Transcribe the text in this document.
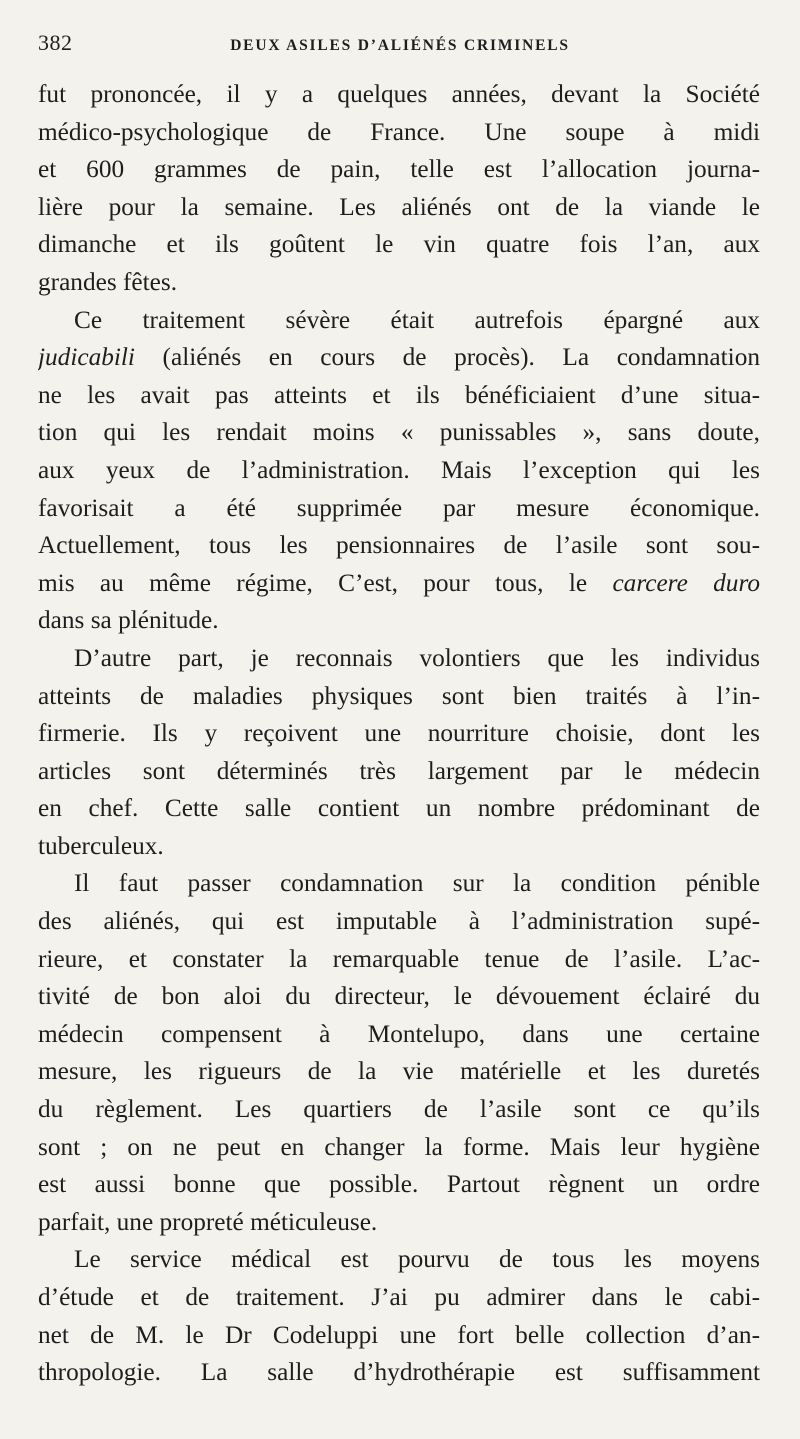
382	DEUX ASILES D’ALIÉNÉS CRIMINELS
fut prononcée, il y a quelques années, devant la Société
médico-psychologique de France. Une soupe à midi
et 600 grammes de pain, telle est l’allocation journa-
lière pour la semaine. Les aliénés ont de la viande le
dimanche et ils goûtent le vin quatre fois l’an, aux
grandes fêtes.
Ce traitement sévère était autrefois épargné aux
judicabili (aliénés en cours de procès). La condamnation
ne les avait pas atteints et ils bénéficiaient d’une situa-
tion qui les rendait moins « punissables », sans doute,
aux yeux de l’administration. Mais l’exception qui les
favorisait a été supprimée par mesure économique.
Actuellement, tous les pensionnaires de l’asile sont sou-
mis au même régime, C’est, pour tous, le carcere duro
dans sa plénitude.
D’autre part, je reconnais volontiers que les individus
atteints de maladies physiques sont bien traités à l’in-
firmerie. Ils y reçoivent une nourriture choisie, dont les
articles sont déterminés très largement par le médecin
en chef. Cette salle contient un nombre prédominant de
tuberculeux.
Il faut passer condamnation sur la condition pénible
des aliénés, qui est imputable à l’administration supé-
rieure, et constater la remarquable tenue de l’asile. L’ac-
tivité de bon aloi du directeur, le dévouement éclairé du
médecin compensent à Montelupo, dans une certaine
mesure, les rigueurs de la vie matérielle et les duretés
du règlement. Les quartiers de l’asile sont ce qu’ils
sont ; on ne peut en changer la forme. Mais leur hygiène
est aussi bonne que possible. Partout règnent un ordre
parfait, une propreté méticuleuse.
Le service médical est pourvu de tous les moyens
d’étude et de traitement. J’ai pu admirer dans le cabi-
net de M. le Dr Codeluppi une fort belle collection d’an-
thropologie. La salle d’hydrothérapie est suffisamment
